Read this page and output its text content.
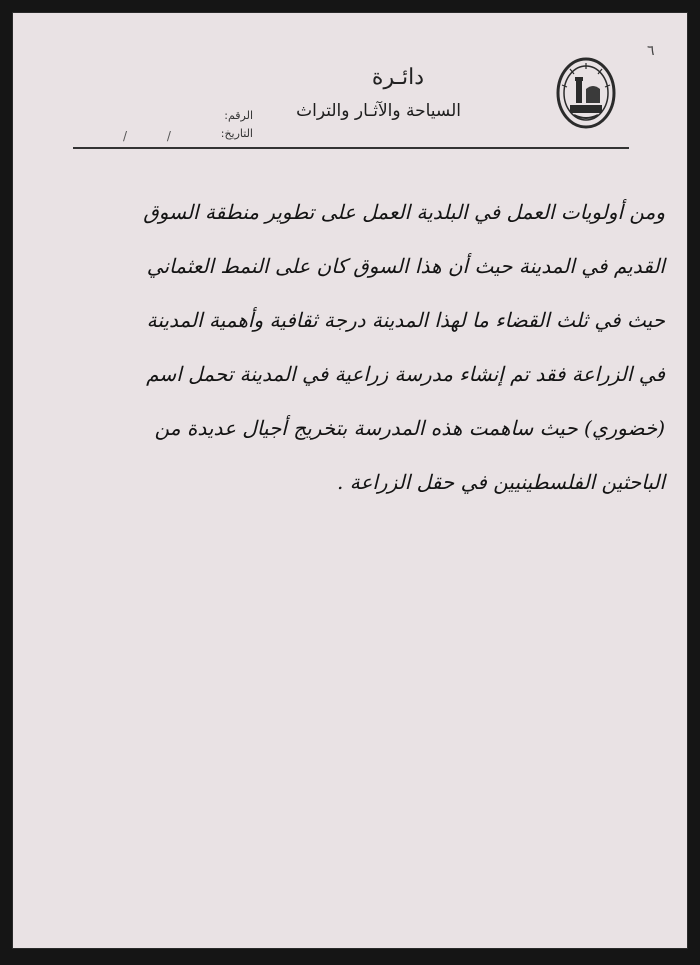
٦
دائـرة
السياحة والآثـار والتراث
الرقم:
التاريخ:
/ /
ومن أولويات العمل في البلدية العمل على تطوير منطقة السوق
القديم في المدينة حيث أن هذا السوق كان على النمط العثماني
حيث في ثلث القضاء ما لهذا المدينة درجة ثقافية وأهمية المدينة
في الزراعة فقد تم إنشاء مدرسة زراعية في المدينة تحمل اسم
(خضوري) حيث ساهمت هذه المدرسة بتخريج أجيال عديدة من
الباحثين الفلسطينيين في حقل الزراعة .
